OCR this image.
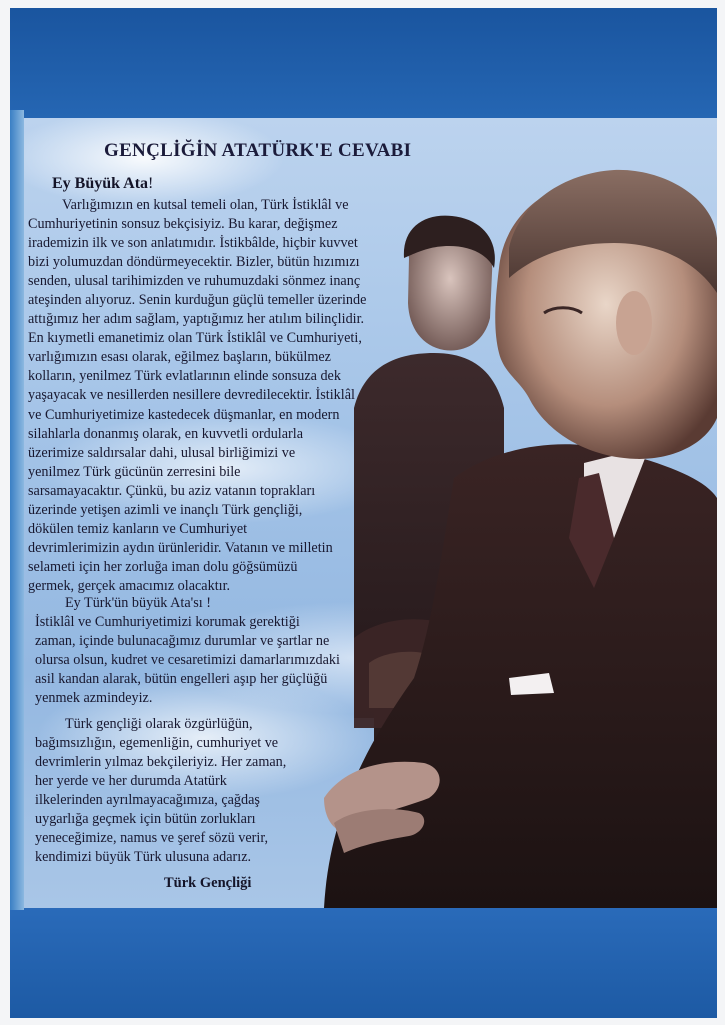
GENÇLİĞİN ATATÜRK'E CEVABI
Ey Büyük Ata!
Varlığımızın en kutsal temeli olan, Türk İstiklâl ve
Cumhuriyetinin sonsuz bekçisiyiz. Bu karar, değişmez
irademizin ilk ve son anlatımıdır. İstikbâlde, hiçbir kuvvet
bizi yolumuzdan döndürmeyecektir. Bizler, bütün hızımızı
senden, ulusal tarihimizden ve ruhumuzdaki sönmez inanç
ateşinden alıyoruz. Senin kurduğun güçlü temeller üzerinde
attığımız her adım sağlam, yaptığımız her atılım bilinçlidir.
En kıymetli emanetimiz olan Türk İstiklâl ve Cumhuriyeti,
varlığımızın esası olarak, eğilmez başların, bükülmez
kolların, yenilmez Türk evlatlarının elinde sonsuza dek
yaşayacak ve nesillerden nesillere devredilecektir. İstiklâl
ve Cumhuriyetimize kastedecek düşmanlar, en modern
silahlarla donanmış olarak, en kuvvetli ordularla
üzerimize saldırsalar dahi, ulusal birliğimizi ve
yenilmez Türk gücünün zerresini bile
sarsamayacaktır. Çünkü, bu aziz vatanın toprakları
üzerinde yetişen azimli ve inançlı Türk gençliği,
dökülen temiz kanların ve Cumhuriyet
devrimlerimizin aydın ürünleridir. Vatanın ve milletin
selameti için her zorluğa iman dolu göğsümüzü
germek, gerçek amacımız olacaktır.
Ey Türk'ün büyük Ata'sı !
İstiklâl ve Cumhuriyetimizi korumak gerektiği
zaman, içinde bulunacağımız durumlar ve şartlar ne
olursa olsun, kudret ve cesaretimizi damarlarımızdaki
asil kandan alarak, bütün engelleri aşıp her güçlüğü
yenmek azmindeyiz.
Türk gençliği olarak özgürlüğün,
bağımsızlığın, egemenliğin, cumhuriyet ve
devrimlerin yılmaz bekçileriyiz. Her zaman,
her yerde ve her durumda Atatürk
ilkelerinden ayrılmayacağımıza, çağdaş
uygarlığa geçmek için bütün zorlukları
yeneceğimize, namus ve şeref sözü verir,
kendimizi büyük Türk ulusuna adarız.
Türk Gençliği
